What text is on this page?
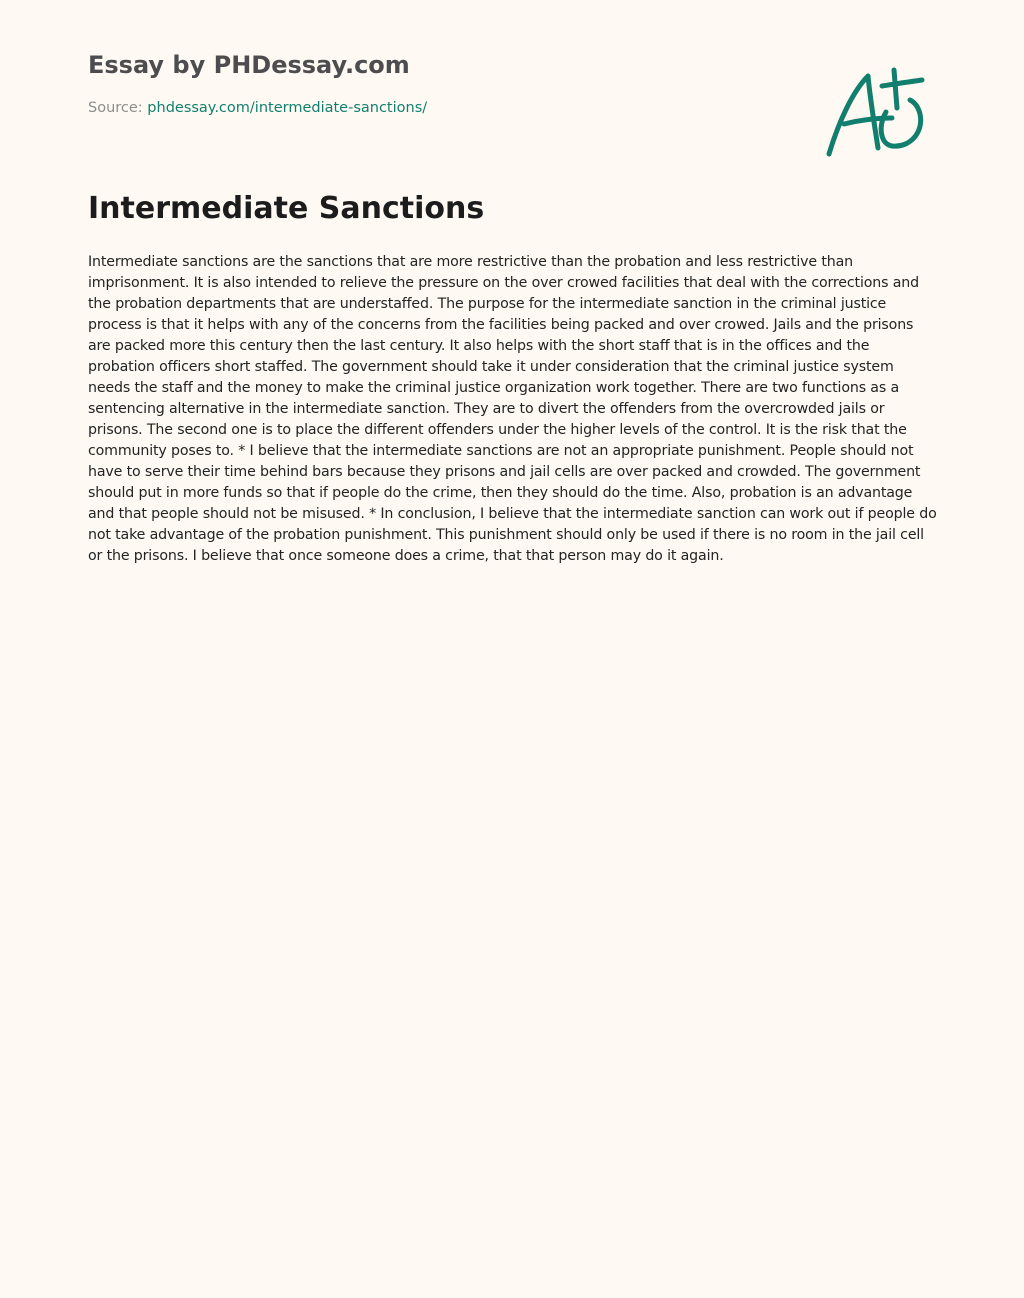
Essay by PHDessay.com
Source: phdessay.com/intermediate-sanctions/
Intermediate Sanctions

Intermediate sanctions are the sanctions that are more restrictive than the probation and less restrictive than imprisonment. It is also intended to relieve the pressure on the over crowed facilities that deal with the corrections and the probation departments that are understaffed. The purpose for the intermediate sanction in the criminal justice process is that it helps with any of the concerns from the facilities being packed and over crowed. Jails and the prisons are packed more this century then the last century. It also helps with the short staff that is in the offices and the probation officers short staffed. The government should take it under consideration that the criminal justice system needs the staff and the money to make the criminal justice organization work together. There are two functions as a sentencing alternative in the intermediate sanction. They are to divert the offenders from the overcrowded jails or prisons. The second one is to place the different offenders under the higher levels of the control. It is the risk that the community poses to. * I believe that the intermediate sanctions are not an appropriate punishment. People should not have to serve their time behind bars because they prisons and jail cells are over packed and crowded. The government should put in more funds so that if people do the crime, then they should do the time. Also, probation is an advantage and that people should not be misused. * In conclusion, I believe that the intermediate sanction can work out if people do not take advantage of the probation punishment. This punishment should only be used if there is no room in the jail cell or the prisons. I believe that once someone does a crime, that that person may do it again.
